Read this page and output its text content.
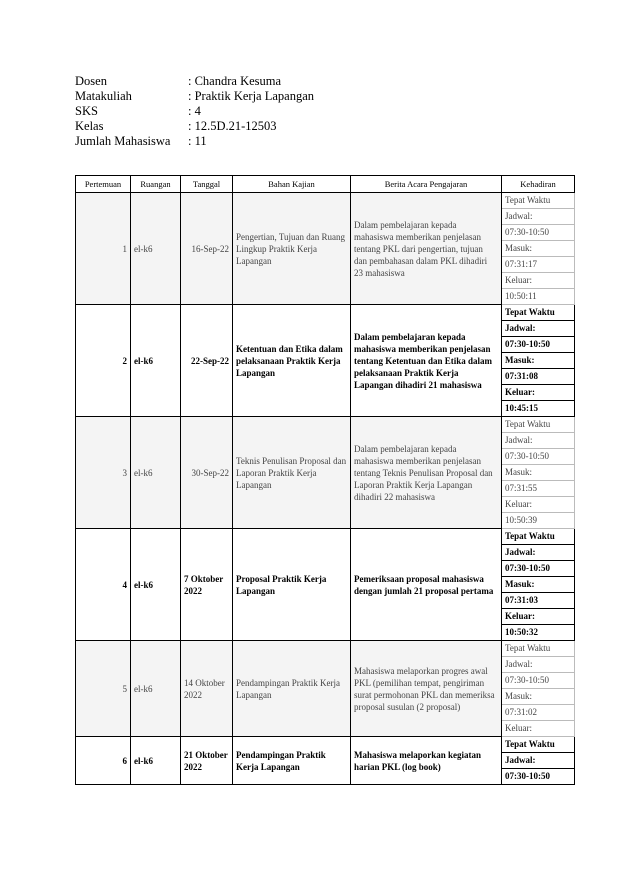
Dosen	: Chandra Kesuma
Matakuliah	: Praktik Kerja Lapangan
SKS	: 4
Kelas	: 12.5D.21-12503
Jumlah Mahasiswa	: 11
Pertemuan	Ruangan	Tanggal	Bahan Kajian	Berita Acara Pengajaran	Kehadiran
1	el-k6	16-Sep-22	Pengertian, Tujuan dan Ruang Lingkup Praktik Kerja Lapangan	Dalam pembelajaran kepada mahasiswa memberikan penjelasan tentang PKL dari pengertian, tujuan dan pembahasan dalam PKL dihadiri 23 mahasiswa	Tepat Waktu
					Jadwal:
					07:30-10:50
					Masuk:
					07:31:17
					Keluar:
					10:50:11
2	el-k6	22-Sep-22	Ketentuan dan Etika dalam pelaksanaan Praktik Kerja Lapangan	Dalam pembelajaran kepada mahasiswa memberikan penjelasan tentang Ketentuan dan Etika dalam pelaksanaan Praktik Kerja Lapangan dihadiri 21 mahasiswa	Tepat Waktu
					Jadwal:
					07:30-10:50
					Masuk:
					07:31:08
					Keluar:
					10:45:15
3	el-k6	30-Sep-22	Teknis Penulisan Proposal dan Laporan Praktik Kerja Lapangan	Dalam pembelajaran kepada mahasiswa memberikan penjelasan tentang Teknis Penulisan Proposal dan Laporan Praktik Kerja Lapangan dihadiri 22 mahasiswa	Tepat Waktu
					Jadwal:
					07:30-10:50
					Masuk:
					07:31:55
					Keluar:
					10:50:39
4	el-k6	7 Oktober 2022	Proposal Praktik Kerja Lapangan	Pemeriksaan proposal mahasiswa dengan jumlah 21 proposal pertama	Tepat Waktu
					Jadwal:
					07:30-10:50
					Masuk:
					07:31:03
					Keluar:
					10:50:32
5	el-k6	14 Oktober 2022	Pendampingan Praktik Kerja Lapangan	Mahasiswa melaporkan progres awal PKL (pemilihan tempat, pengiriman surat permohonan PKL dan memeriksa proposal susulan (2 proposal)	Tepat Waktu
					Jadwal:
					07:30-10:50
					Masuk:
					07:31:02
					Keluar:
6	el-k6	21 Oktober 2022	Pendampingan Praktik Kerja Lapangan	Mahasiswa melaporkan kegiatan harian PKL (log book)	Tepat Waktu
					Jadwal:
					07:30-10:50
